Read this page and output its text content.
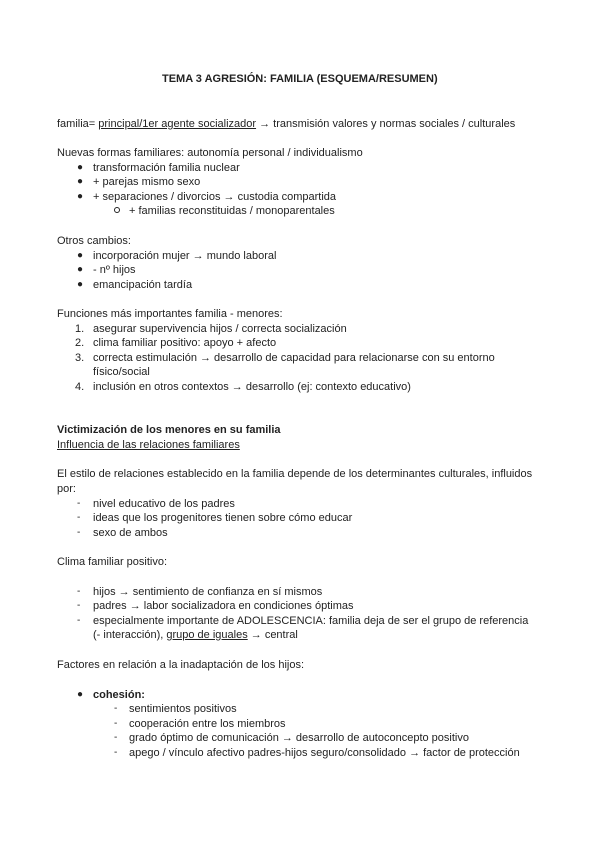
TEMA 3 AGRESIÓN: FAMILIA (ESQUEMA/RESUMEN)
familia= principal/1er agente socializador → transmisión valores y normas sociales / culturales
Nuevas formas familiares: autonomía personal / individualismo
● transformación familia nuclear
● + parejas mismo sexo
● + separaciones / divorcios → custodia compartida
+ familias reconstituidas / monoparentales
Otros cambios:
● incorporación mujer → mundo laboral
● - nº hijos
● emancipación tardía
Funciones más importantes familia - menores:
1. asegurar supervivencia hijos / correcta socialización
2. clima familiar positivo: apoyo + afecto
3. correcta estimulación → desarrollo de capacidad para relacionarse con su entorno
físico/social
4. inclusión en otros contextos → desarrollo (ej: contexto educativo)
Victimización de los menores en su familia
Influencia de las relaciones familiares
El estilo de relaciones establecido en la familia depende de los determinantes culturales, influidos
por:
- nivel educativo de los padres
- ideas que los progenitores tienen sobre cómo educar
- sexo de ambos
Clima familiar positivo:
- hijos → sentimiento de confianza en sí mismos
- padres → labor socializadora en condiciones óptimas
- especialmente importante de ADOLESCENCIA: familia deja de ser el grupo de referencia
(- interacción), grupo de iguales → central
Factores en relación a la inadaptación de los hijos:
● cohesión:
- sentimientos positivos
- cooperación entre los miembros
- grado óptimo de comunicación → desarrollo de autoconcepto positivo
- apego / vínculo afectivo padres-hijos seguro/consolidado → factor de protección
